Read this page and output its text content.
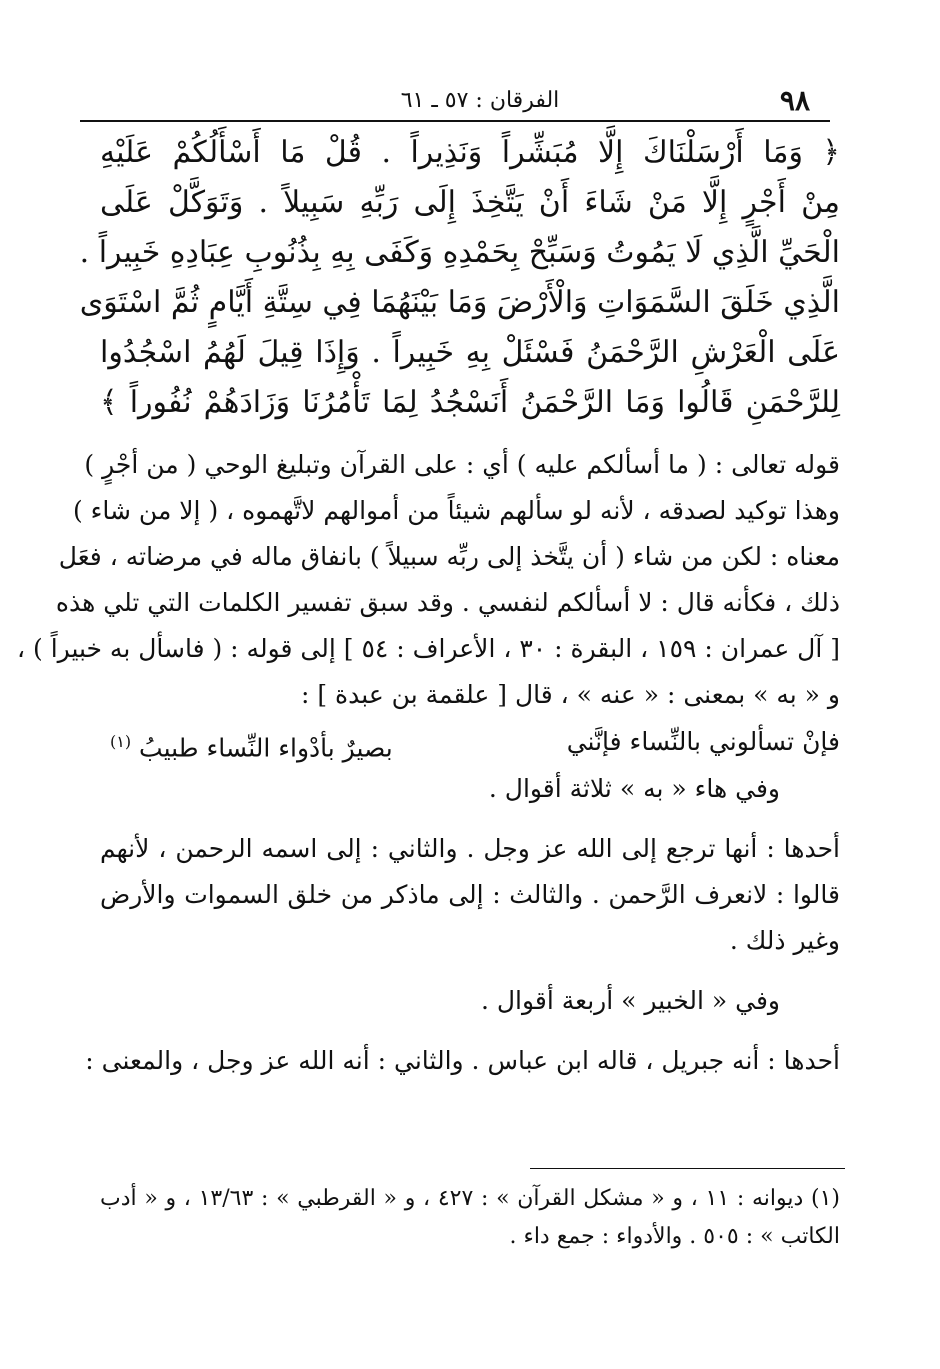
٩٨
الفرقان : ٥٧ ـ ٦١
﴿ وَمَا أَرْسَلْنَاكَ إِلَّا مُبَشِّراً وَنَذِيراً . قُلْ مَا أَسْأَلُكُمْ عَلَيْهِ
مِنْ أَجْرٍ إِلَّا مَنْ شَاءَ أَنْ يَتَّخِذَ إِلَى رَبِّهِ سَبِيلاً . وَتَوَكَّلْ عَلَى
الْحَيِّ الَّذِي لَا يَمُوتُ وَسَبِّحْ بِحَمْدِهِ وَكَفَى بِهِ بِذُنُوبِ عِبَادِهِ خَبِيراً .
الَّذِي خَلَقَ السَّمَوَاتِ وَالْأَرْضَ وَمَا بَيْنَهُمَا فِي سِتَّةِ أَيَّامٍ ثُمَّ اسْتَوَى
عَلَى الْعَرْشِ الرَّحْمَنُ فَسْئَلْ بِهِ خَبِيراً . وَإِذَا قِيلَ لَهُمُ اسْجُدُوا
لِلرَّحْمَنِ قَالُوا وَمَا الرَّحْمَنُ أَنَسْجُدُ لِمَا تَأْمُرُنَا وَزَادَهُمْ نُفُوراً ﴾
قوله تعالى : ( ما أسألكم عليه ) أي : على القرآن وتبليغ الوحي ( من أجْرٍ )
وهذا توكيد لصدقه ، لأنه لو سألهم شيئاً من أموالهم لاتَّهموه ، ( إلا من شاء )
معناه : لكن من شاء ( أن يتَّخذ إلى ربِّه سبيلاً ) بانفاق ماله في مرضاته ، فعَل
ذلك ، فكأنه قال : لا أسألكم لنفسي . وقد سبق تفسير الكلمات التي تلي هذه
[ آل عمران : ١٥٩ ، البقرة : ٣٠ ، الأعراف : ٥٤ ] إلى قوله : ( فاسأل به خبيراً ) ،
و « به » بمعنى : « عنه » ، قال [ علقمة بن عبدة ] :
فإنْ تسألوني بالنِّساء فإنَّني
بصيرٌ بأدْواء النِّساء طبيبُ $^{(١)}$
وفي هاء « به » ثلاثة أقوال .
أحدها : أنها ترجع إلى الله عز وجل . والثاني : إلى اسمه الرحمن ، لأنهم
قالوا : لانعرف الرَّحمن . والثالث : إلى ماذكر من خلق السموات والأرض
وغير ذلك .
وفي « الخبير » أربعة أقوال .
أحدها : أنه جبريل ، قاله ابن عباس . والثاني : أنه الله عز وجل ، والمعنى :
(١) ديوانه : ١١ ، و « مشكل القرآن » : ٤٢٧ ، و « القرطبي » : ١٣/٦٣ ، و « أدب
الكاتب » : ٥٠٥ . والأدواء : جمع داء .
